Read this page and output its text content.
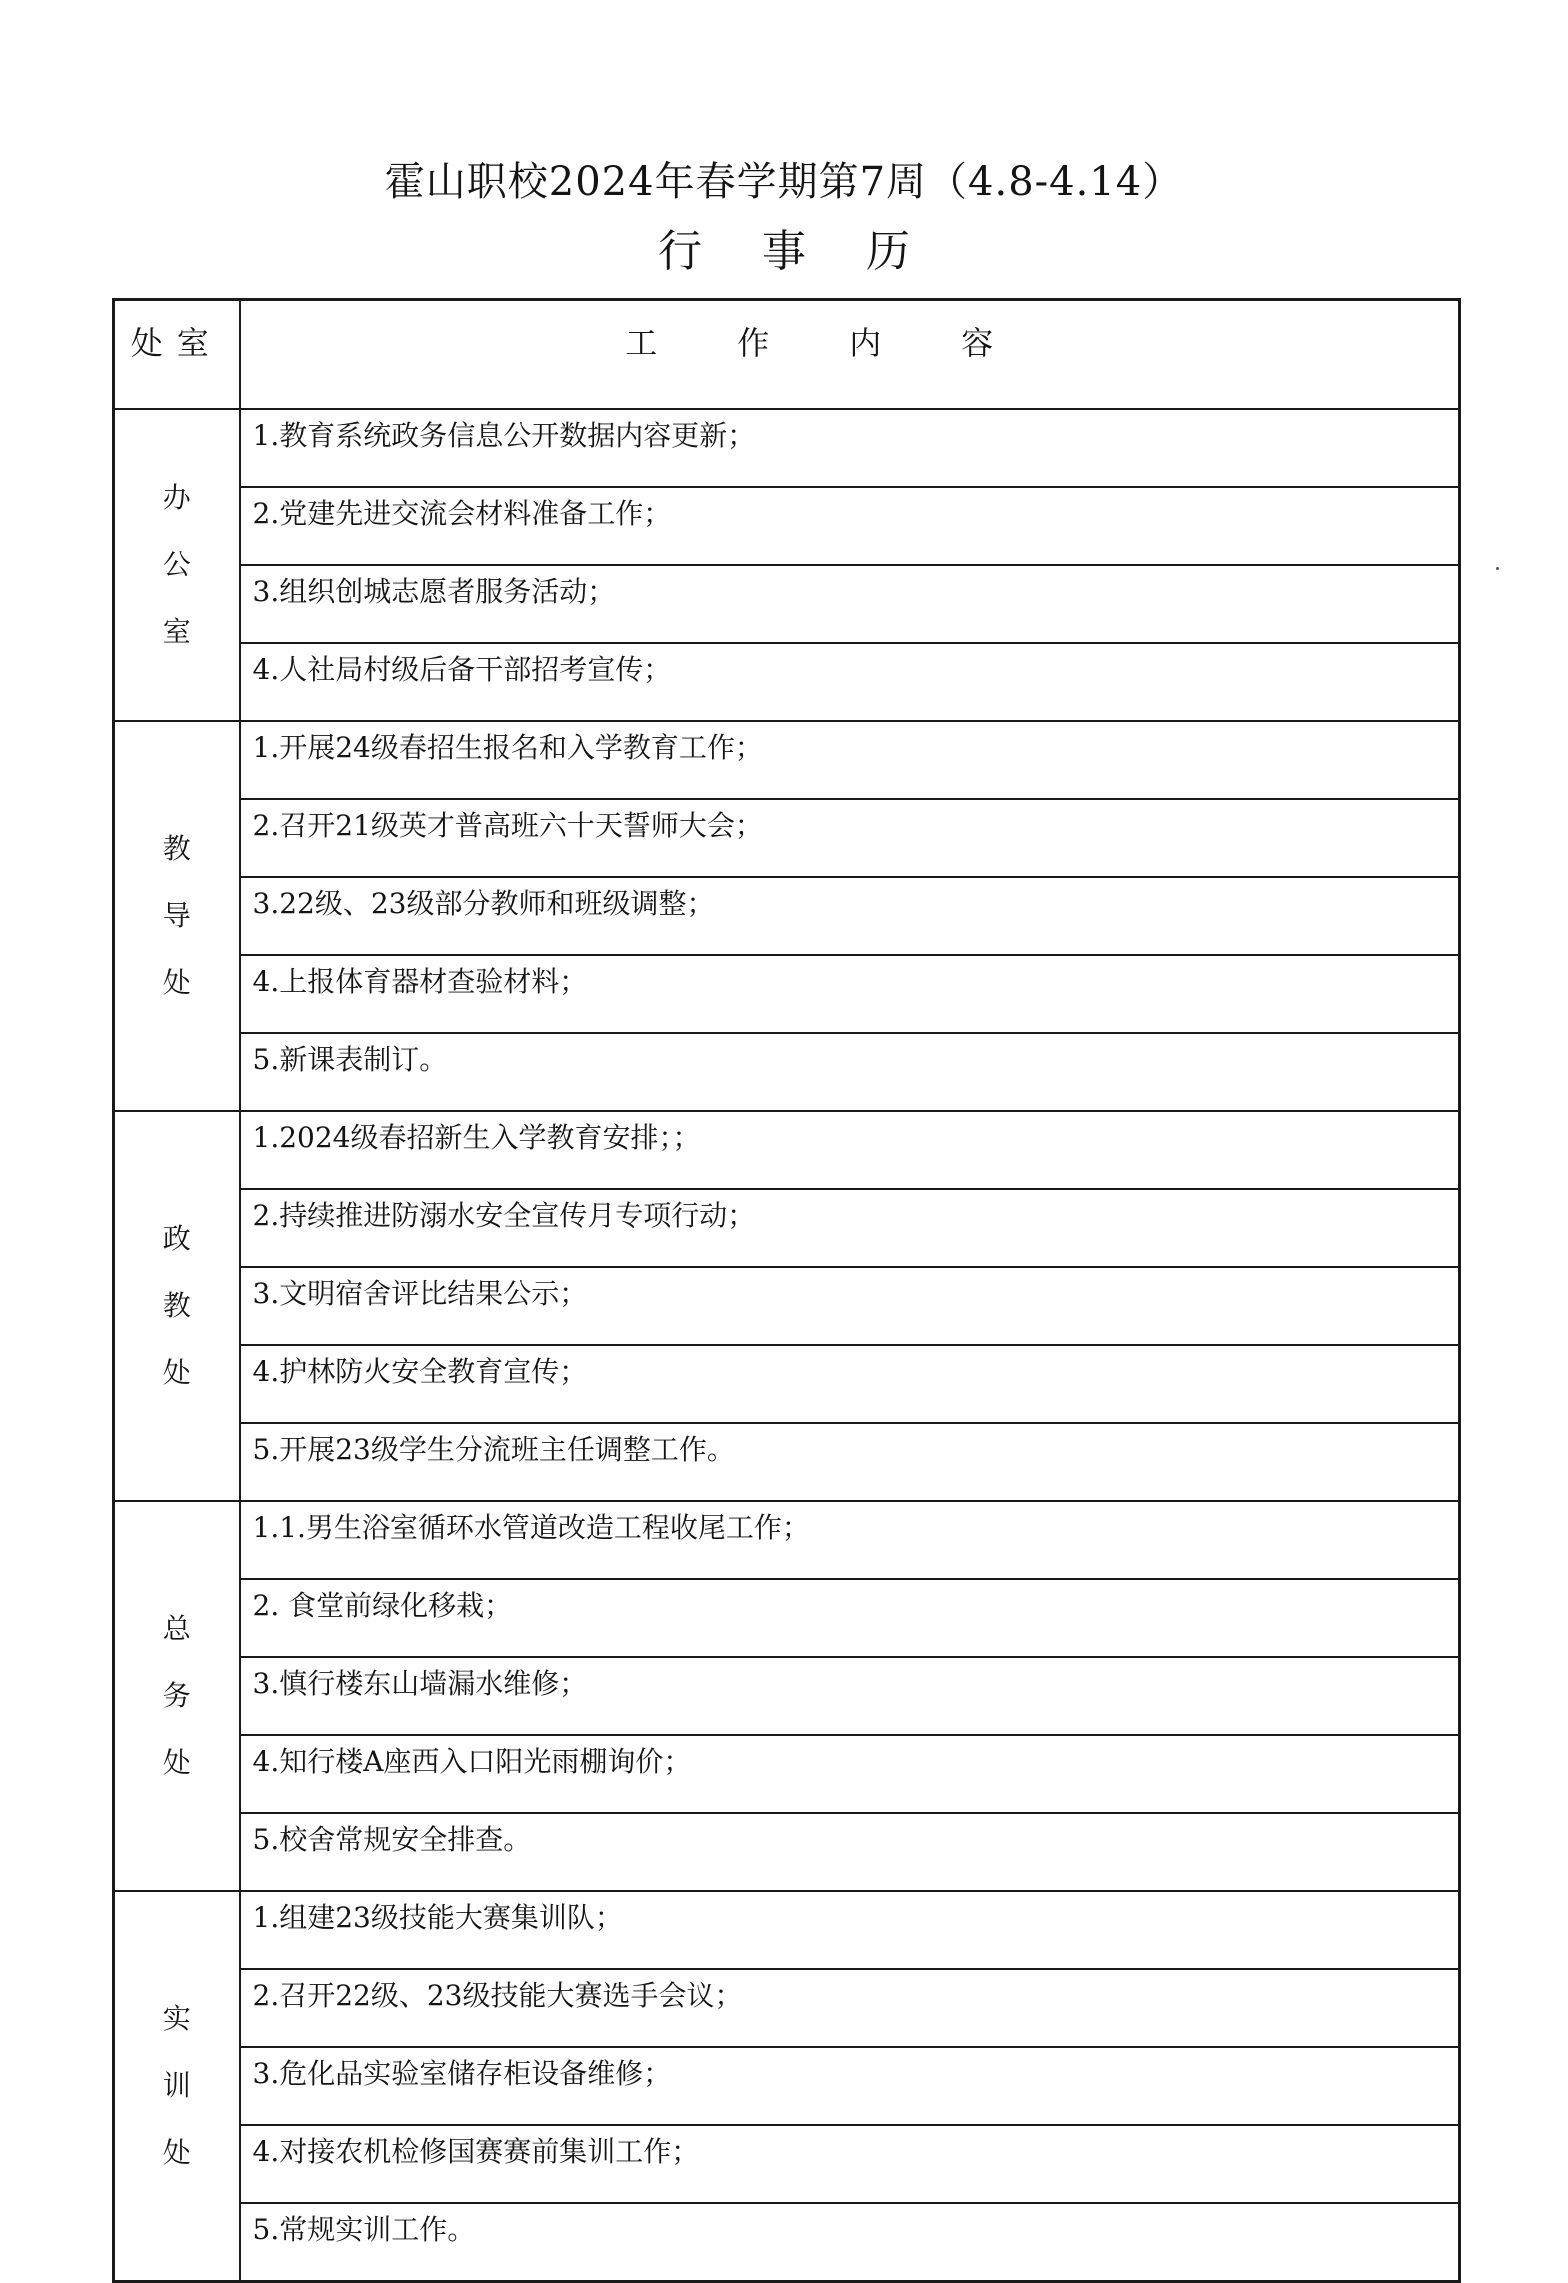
霍山职校2024年春学期第7周（4.8-4.14）
行事历
处室	工作内容
办公室	1.教育系统政务信息公开数据内容更新；
	2.党建先进交流会材料准备工作；
	3.组织创城志愿者服务活动；
	4.人社局村级后备干部招考宣传；
教导处	1.开展24级春招生报名和入学教育工作；
	2.召开21级英才普高班六十天誓师大会；
	3.22级、23级部分教师和班级调整；
	4.上报体育器材查验材料；
	5.新课表制订。
政教处	1.2024级春招新生入学教育安排；；
	2.持续推进防溺水安全宣传月专项行动；
	3.文明宿舍评比结果公示；
	4.护林防火安全教育宣传；
	5.开展23级学生分流班主任调整工作。
总务处	1.1.男生浴室循环水管道改造工程收尾工作；
	2. 食堂前绿化移栽；
	3.慎行楼东山墙漏水维修；
	4.知行楼A座西入口阳光雨棚询价；
	5.校舍常规安全排查。
实训处	1.组建23级技能大赛集训队；
	2.召开22级、23级技能大赛选手会议；
	3.危化品实验室储存柜设备维修；
	4.对接农机检修国赛赛前集训工作；
	5.常规实训工作。
